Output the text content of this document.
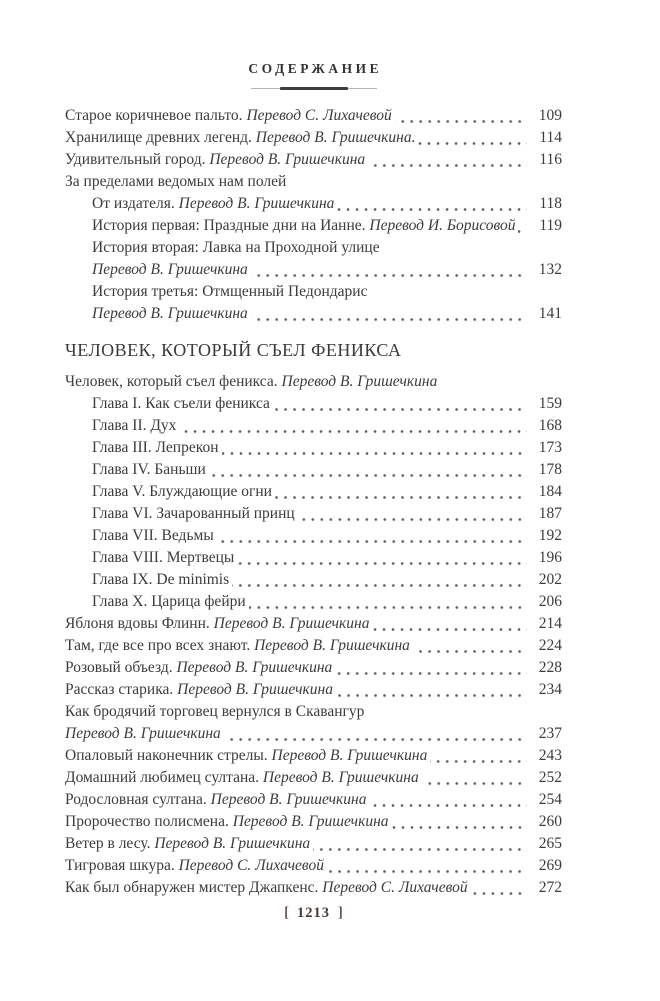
СОДЕРЖАНИЕ
Старое коричневое пальто. Перевод С. Лихачевой	109
Хранилище древних легенд. Перевод В. Гришечкина.	114
Удивительный город. Перевод В. Гришечкина	116
За пределами ведомых нам полей
От издателя. Перевод В. Гришечкина	118
История первая: Праздные дни на Ианне. Перевод И. Борисовой	119
История вторая: Лавка на Проходной улице
Перевод В. Гришечкина	132
История третья: Отмщенный Педондарис
Перевод В. Гришечкина	141
ЧЕЛОВЕК, КОТОРЫЙ СЪЕЛ ФЕНИКСА
Человек, который съел феникса. Перевод В. Гришечкина
Глава I. Как съели феникса	159
Глава II. Дух	168
Глава III. Лепрекон	173
Глава IV. Баньши	178
Глава V. Блуждающие огни	184
Глава VI. Зачарованный принц	187
Глава VII. Ведьмы	192
Глава VIII. Мертвецы	196
Глава IX. De minimis	202
Глава X. Царица фейри	206
Яблоня вдовы Флинн. Перевод В. Гришечкина	214
Там, где все про всех знают. Перевод В. Гришечкина	224
Розовый объезд. Перевод В. Гришечкина	228
Рассказ старика. Перевод В. Гришечкина	234
Как бродячий торговец вернулся в Скавангур
Перевод В. Гришечкина	237
Опаловый наконечник стрелы. Перевод В. Гришечкина	243
Домашний любимец султана. Перевод В. Гришечкина	252
Родословная султана. Перевод В. Гришечкина	254
Пророчество полисмена. Перевод В. Гришечкина	260
Ветер в лесу. Перевод В. Гришечкина	265
Тигровая шкура. Перевод С. Лихачевой	269
Как был обнаружен мистер Джапкенс. Перевод С. Лихачевой	272
[ 1213 ]
